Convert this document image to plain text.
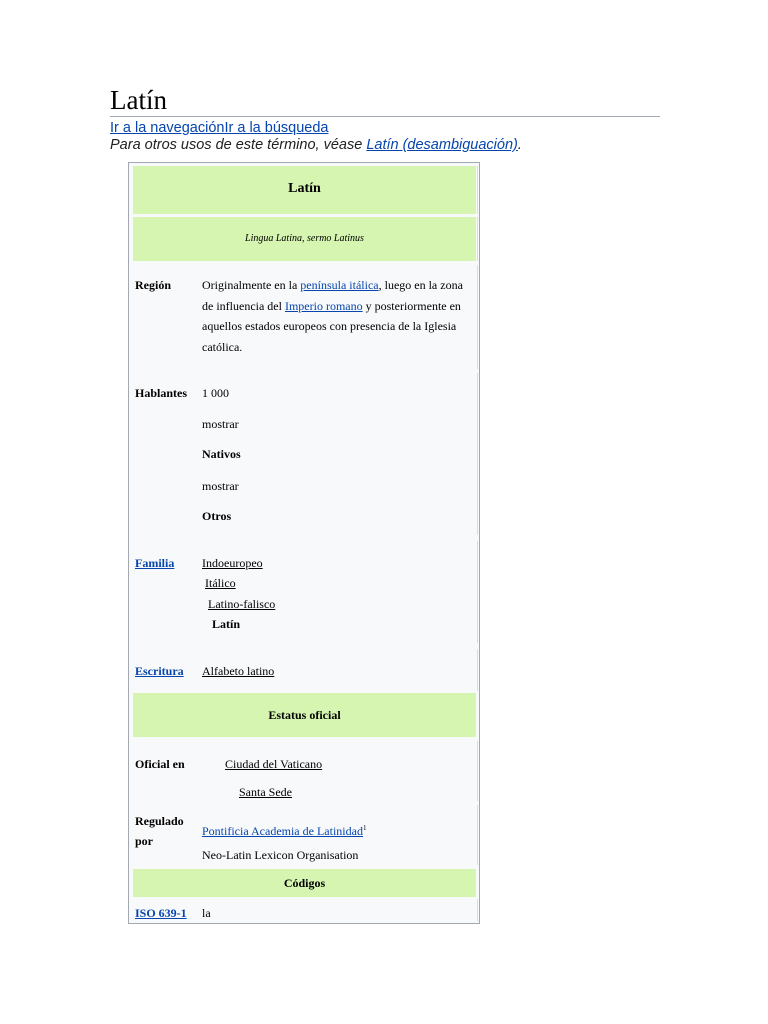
Latín
Ir a la navegaciónIr a la búsqueda
Para otros usos de este término, véase Latín (desambiguación).
Latín
Lingua Latina, sermo Latinus
Región	Originalmente en la península itálica, luego en la zona de influencia del Imperio romano y posteriormente en aquellos estados europeos con presencia de la Iglesia católica.
Hablantes 1 000
mostrar
Nativos
mostrar
Otros
Familia Indoeuropeo
Itálico
Latino-falisco
Latín
Escritura Alfabeto latino
Estatus oficial
Oficial en	Ciudad del Vaticano
Santa Sede
Regulado
por
Pontificia Academia de Latinidad$^1$
Neo-Latin Lexicon Organisation
Códigos
ISO 639-1 la
